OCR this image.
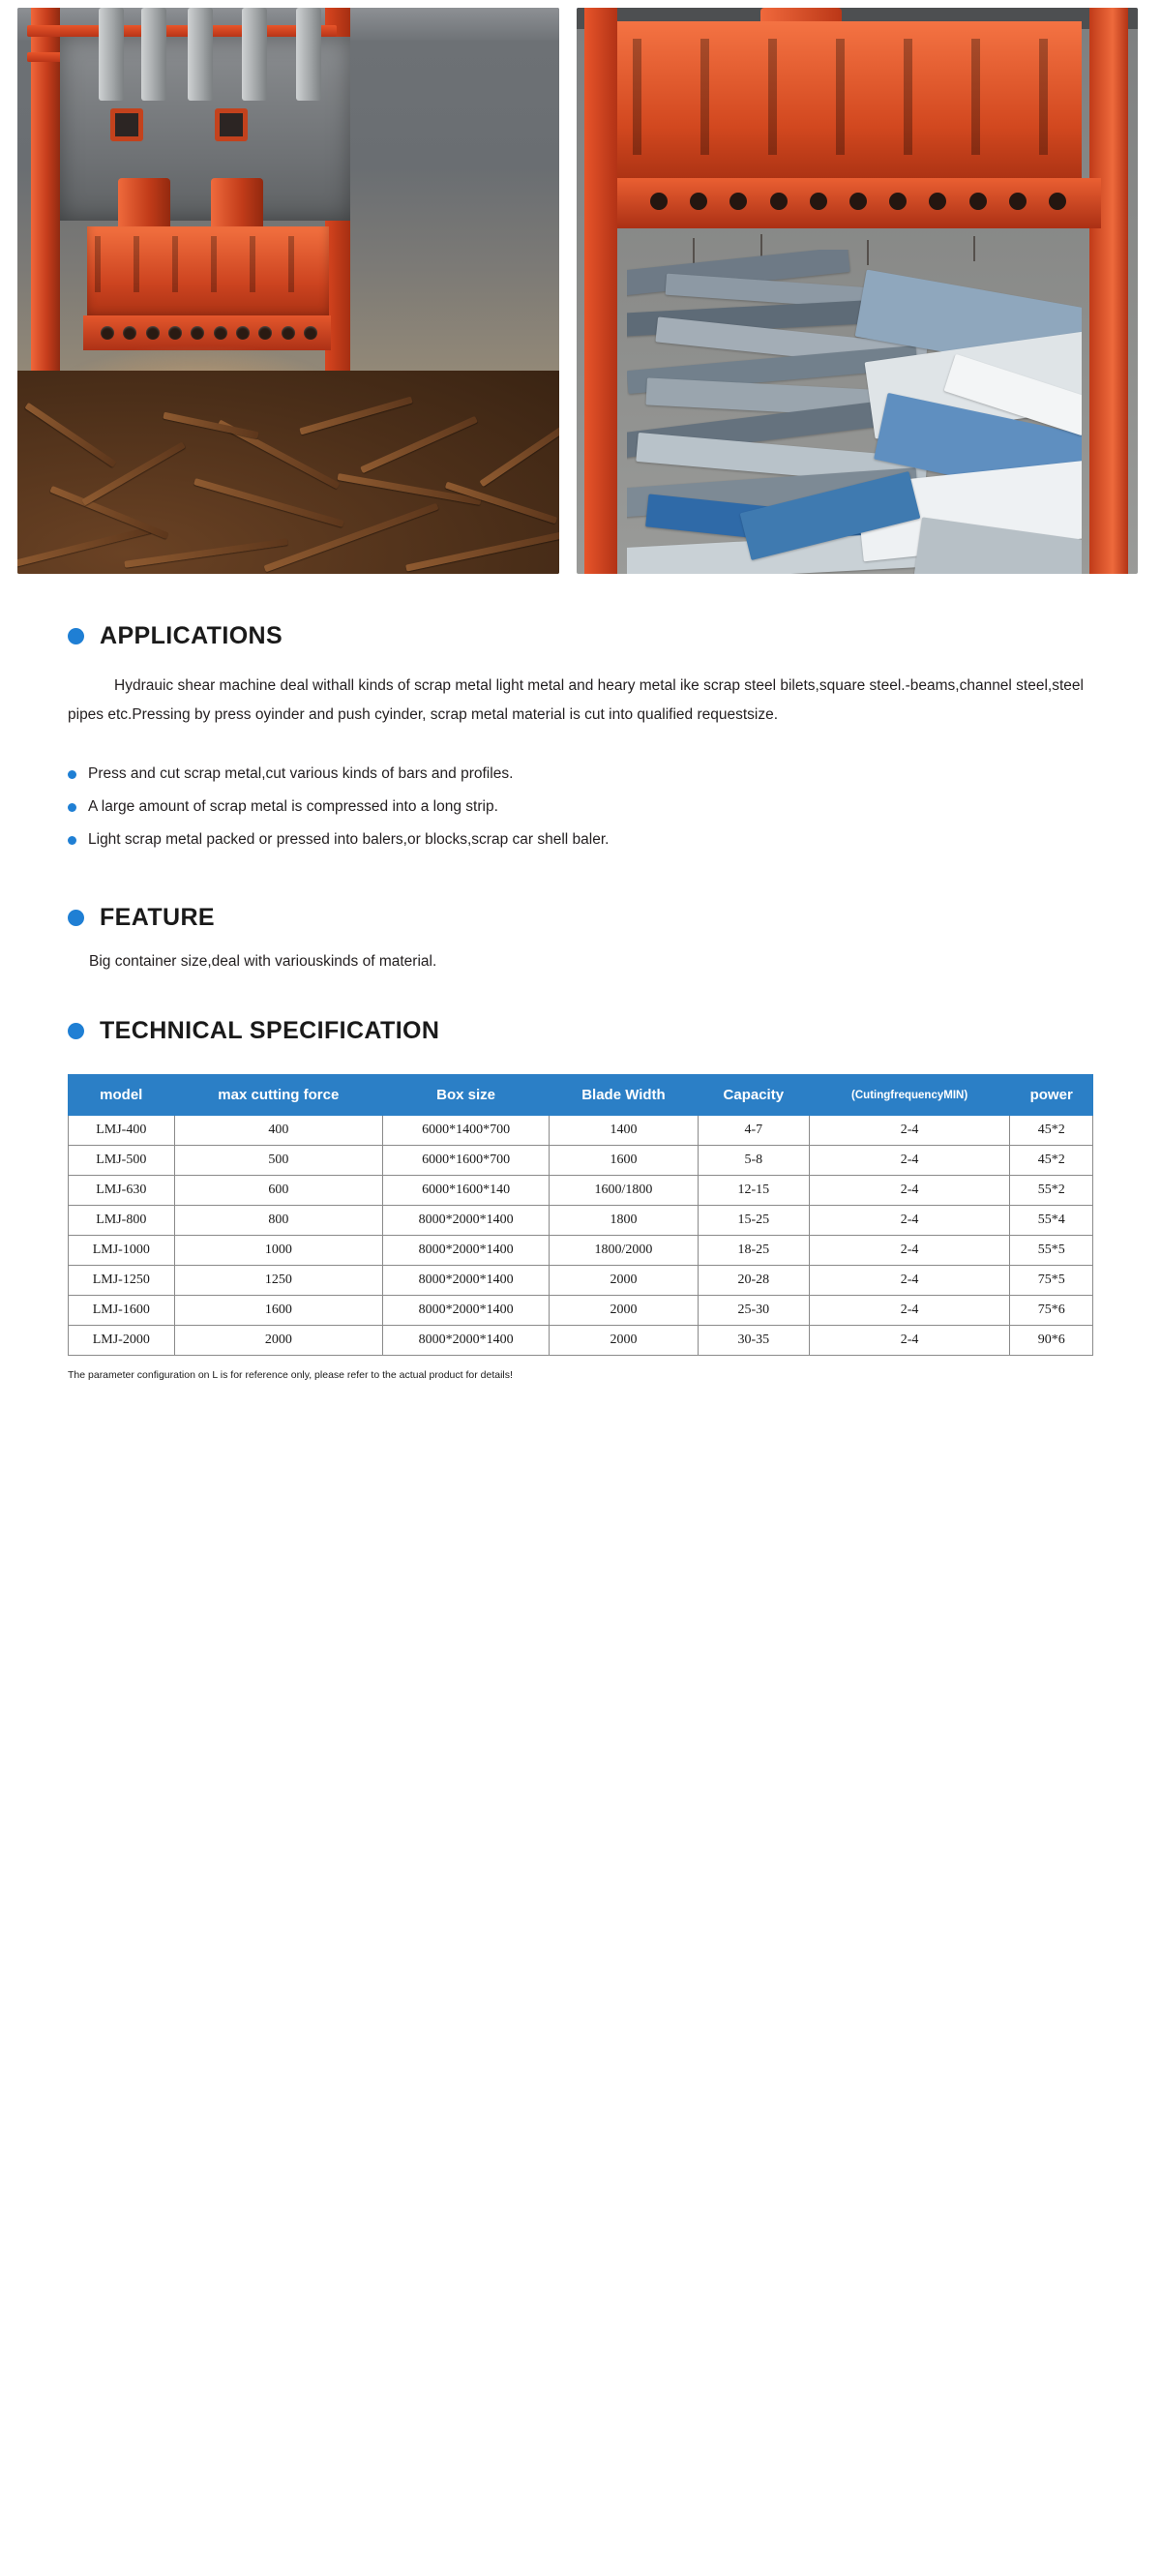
APPLICATIONS

Hydrauic shear machine deal withall kinds of scrap metal light metal and heary metal ike scrap steel bilets,square steel.-beams,channel steel,steel pipes etc.Pressing by press oyinder and push cyinder, scrap metal material is cut into qualified requestsize.

Press and cut scrap metal,cut various kinds of bars and profiles.
A large amount of scrap metal is compressed into a long strip.
Light scrap metal packed or pressed into balers,or blocks,scrap car shell baler.
FEATURE
Big container size,deal with variouskinds of material.
TECHNICAL SPECIFICATION
model	max cutting force	Box size	Blade Width	Capacity	(CutingfrequencyMIN)	power
LMJ-400	400	6000*1400*700	1400	4-7	2-4	45*2
LMJ-500	500	6000*1600*700	1600	5-8	2-4	45*2
LMJ-630	600	6000*1600*140	1600/1800	12-15	2-4	55*2
LMJ-800	800	8000*2000*1400	1800	15-25	2-4	55*4
LMJ-1000	1000	8000*2000*1400	1800/2000	18-25	2-4	55*5
LMJ-1250	1250	8000*2000*1400	2000	20-28	2-4	75*5
LMJ-1600	1600	8000*2000*1400	2000	25-30	2-4	75*6
LMJ-2000	2000	8000*2000*1400	2000	30-35	2-4	90*6
The parameter configuration on L is for reference only, please refer to the actual product for details!
